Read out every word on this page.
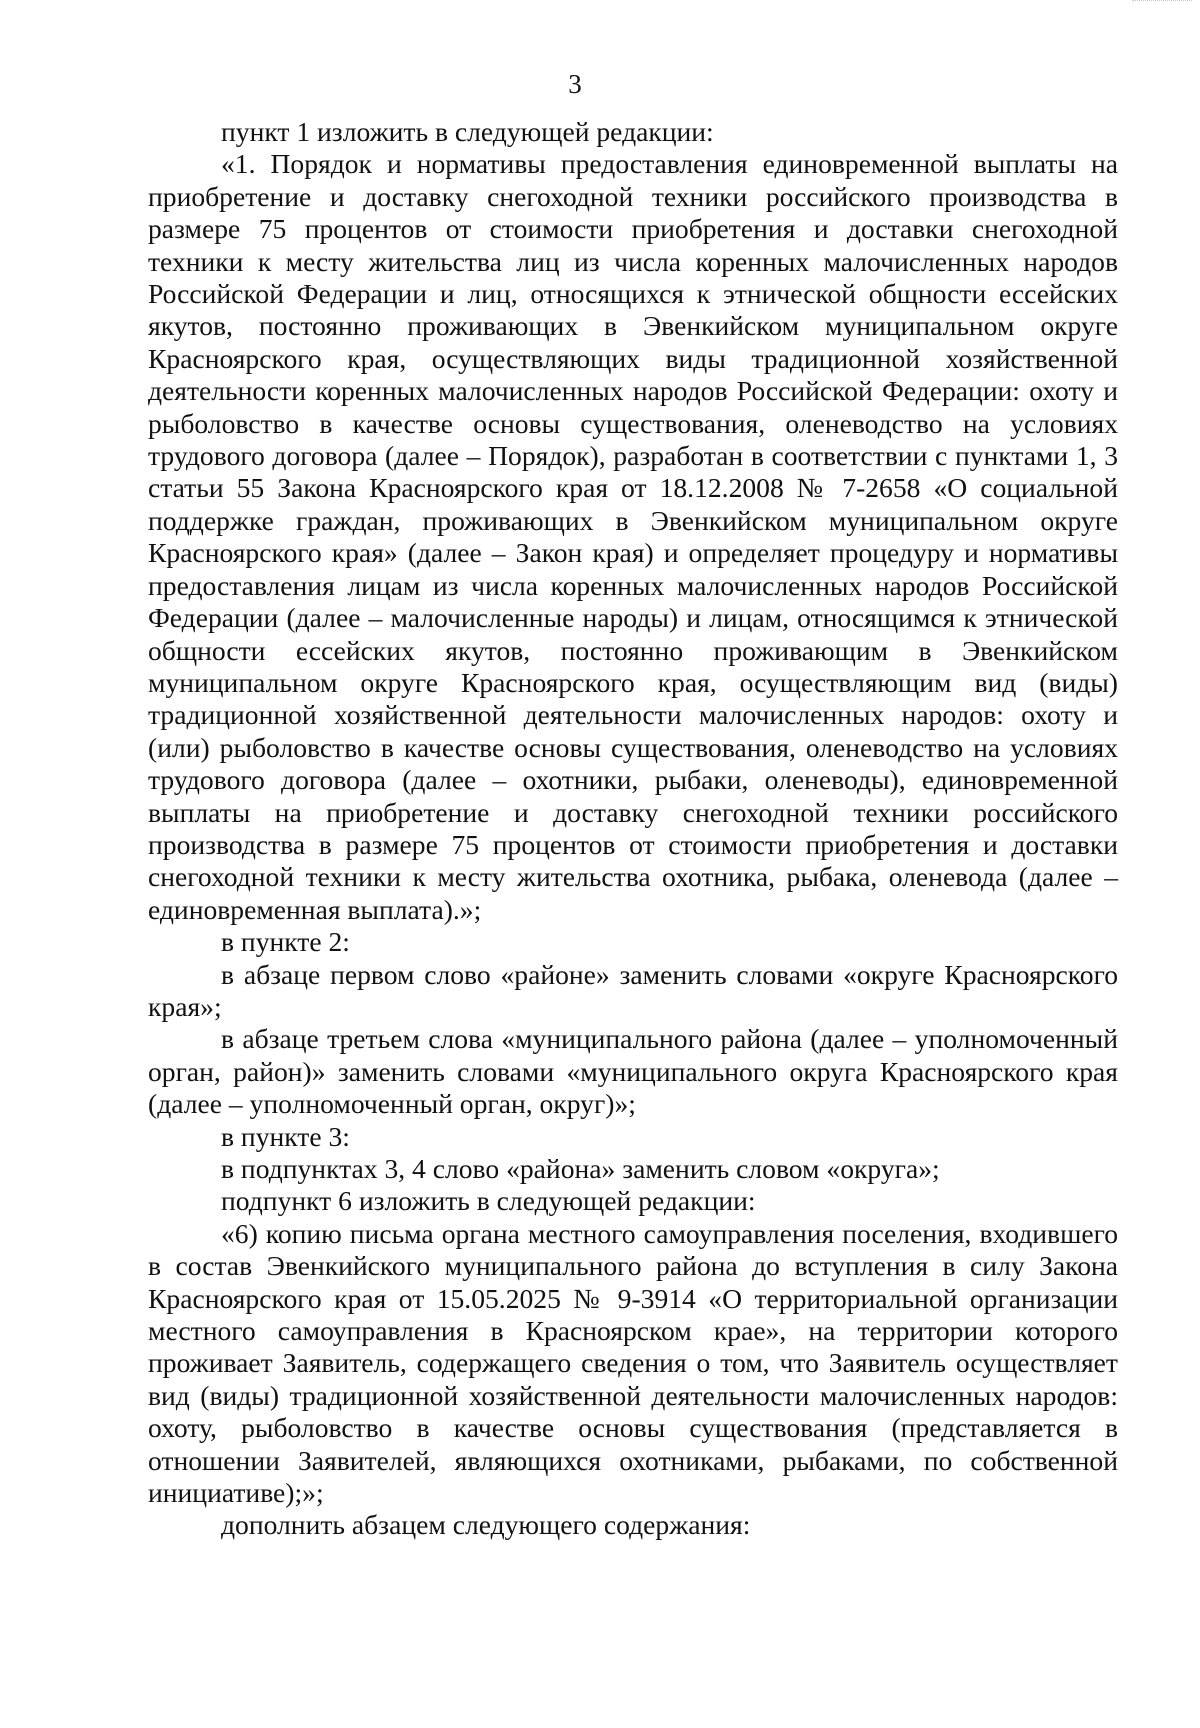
3

пункт 1 изложить в следующей редакции:

«1. Порядок и нормативы предоставления единовременной выплаты на приобретение и доставку снегоходной техники российского производства в размере 75 процентов от стоимости приобретения и доставки снегоходной техники к месту жительства лиц из числа коренных малочисленных народов Российской Федерации и лиц, относящихся к этнической общности ессейских якутов, постоянно проживающих в Эвенкийском муниципальном округе Красноярского края, осуществляющих виды традиционной хозяйственной деятельности коренных малочисленных народов Российской Федерации: охоту и рыболовство в качестве основы существования, оленеводство на условиях трудового договора (далее – Порядок), разработан в соответствии с пунктами 1, 3 статьи 55 Закона Красноярского края от 18.12.2008 № 7-2658 «О социальной поддержке граждан, проживающих в Эвенкийском муниципальном округе Красноярского края» (далее – Закон края) и определяет процедуру и нормативы предоставления лицам из числа коренных малочисленных народов Российской Федерации (далее – малочисленные народы) и лицам, относящимся к этнической общности ессейских якутов, постоянно проживающим в Эвенкийском муниципальном округе Красноярского края, осуществляющим вид (виды) традиционной хозяйственной деятельности малочисленных народов: охоту и (или) рыболовство в качестве основы существования, оленеводство на условиях трудового договора (далее – охотники, рыбаки, оленеводы), единовременной выплаты на приобретение и доставку снегоходной техники российского производства в размере 75 процентов от стоимости приобретения и доставки снегоходной техники к месту жительства охотника, рыбака, оленевода (далее – единовременная выплата).»;

в пункте 2:

в абзаце первом слово «районе» заменить словами «округе Красноярского края»;

в абзаце третьем слова «муниципального района (далее – уполномоченный орган, район)» заменить словами «муниципального округа Красноярского края (далее – уполномоченный орган, округ)»;

в пункте 3:

в подпунктах 3, 4 слово «района» заменить словом «округа»;

подпункт 6 изложить в следующей редакции:

«6) копию письма органа местного самоуправления поселения, входившего в состав Эвенкийского муниципального района до вступления в силу Закона Красноярского края от 15.05.2025 № 9-3914 «О территориальной организации местного самоуправления в Красноярском крае», на территории которого проживает Заявитель, содержащего сведения о том, что Заявитель осуществляет вид (виды) традиционной хозяйственной деятельности малочисленных народов: охоту, рыболовство в качестве основы существования (представляется в отношении Заявителей, являющихся охотниками, рыбаками, по собственной инициативе);»;

дополнить абзацем следующего содержания:
